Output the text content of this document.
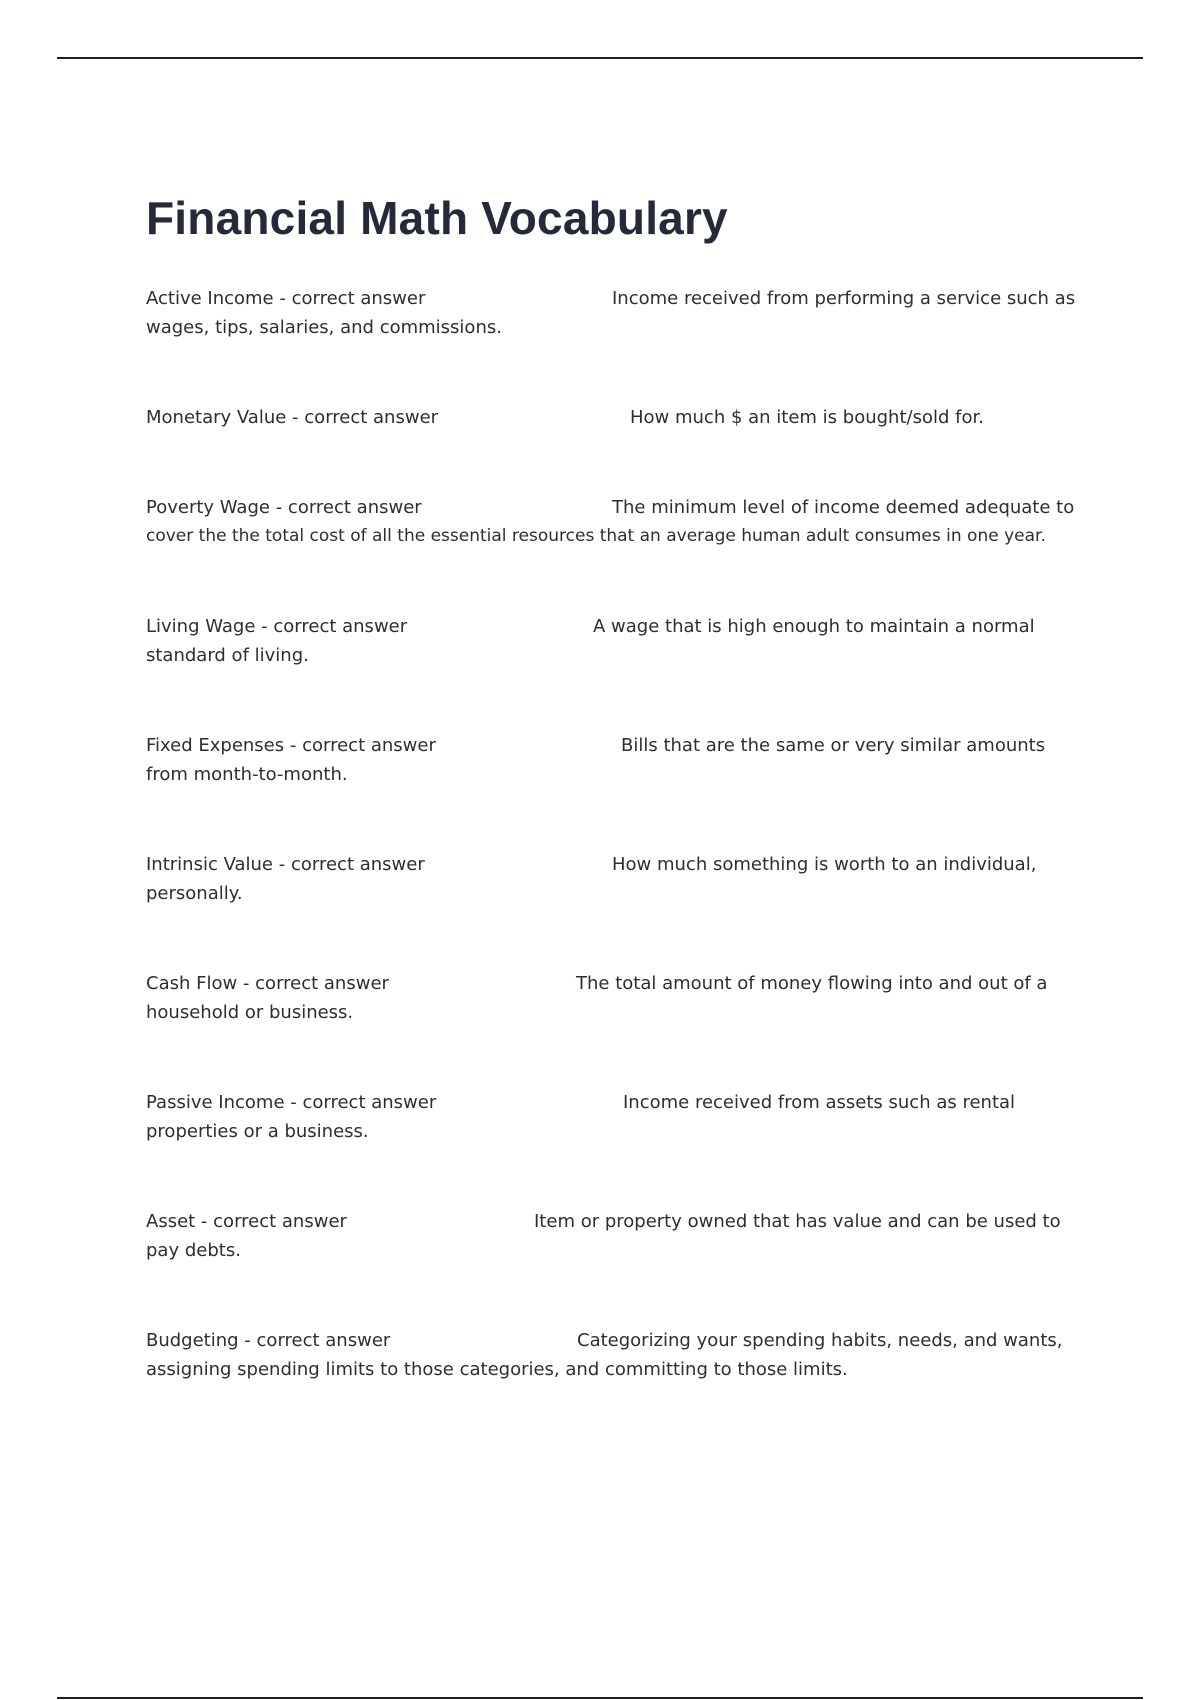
Financial Math Vocabulary
Active Income - correct answer	Income received from performing a service such as
wages, tips, salaries, and commissions.
Monetary Value - correct answer	How much $ an item is bought/sold for.
Poverty Wage - correct answer	The minimum level of income deemed adequate to
cover the the total cost of all the essential resources that an average human adult consumes in one year.
Living Wage - correct answer	A wage that is high enough to maintain a normal
standard of living.
Fixed Expenses - correct answer	Bills that are the same or very similar amounts
from month-to-month.
Intrinsic Value - correct answer	How much something is worth to an individual,
personally.
Cash Flow - correct answer	The total amount of money flowing into and out of a
household or business.
Passive Income - correct answer	Income received from assets such as rental
properties or a business.
Asset - correct answer	Item or property owned that has value and can be used to
pay debts.
Budgeting - correct answer	Categorizing your spending habits, needs, and wants,
assigning spending limits to those categories, and committing to those limits.
